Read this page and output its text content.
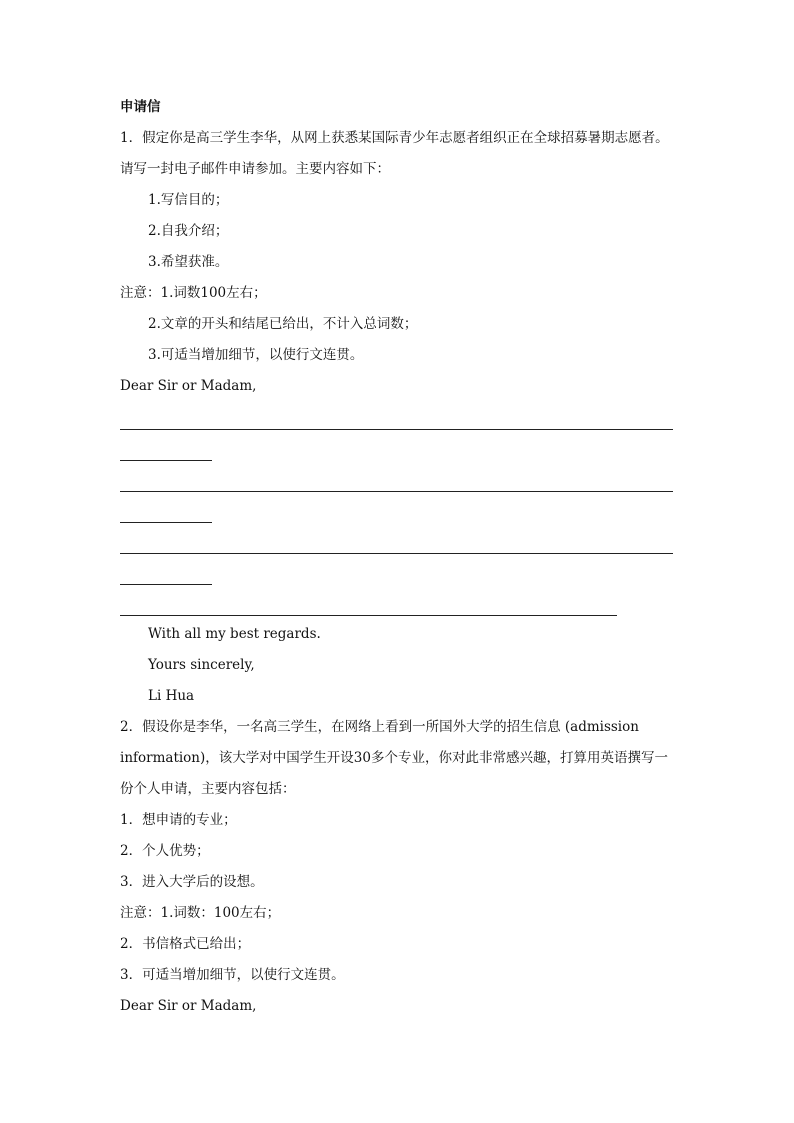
申请信
1．假定你是高三学生李华，从网上获悉某国际青少年志愿者组织正在全球招募暑期志愿者。
请写一封电子邮件申请参加。主要内容如下：
1.写信目的；
2.自我介绍；
3.希望获准。
注意：1.词数100左右；
2.文章的开头和结尾已给出，不计入总词数；
3.可适当增加细节，以使行文连贯。
Dear Sir or Madam,
With all my best regards.
Yours sincerely,
Li Hua
2．假设你是李华，一名高三学生，在网络上看到一所国外大学的招生信息 (admission
information)，该大学对中国学生开设30多个专业，你对此非常感兴趣，打算用英语撰写一
份个人申请，主要内容包括：
1．想申请的专业；
2．个人优势；
3．进入大学后的设想。
注意：1.词数：100左右；
2．书信格式已给出；
3．可适当增加细节，以使行文连贯。
Dear Sir or Madam,
